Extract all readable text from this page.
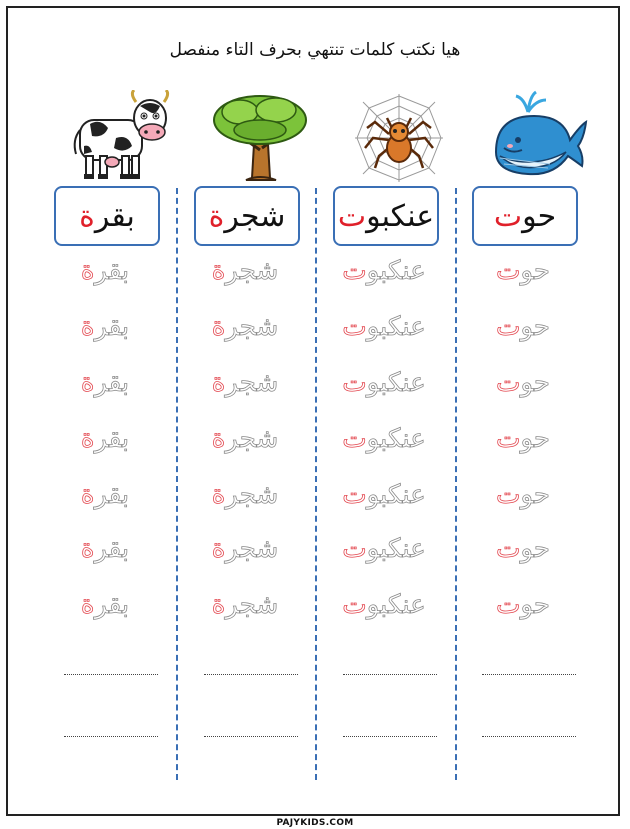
هيا نكتب كلمات تنتهي بحرف التاء منفصل
بقر
ة
بقرة
بقرة
بقرة
بقرة
بقرة
بقرة
بقرة
شجر
ة
شجرة
شجرة
شجرة
شجرة
شجرة
شجرة
شجرة
عنكبو
ت
عنكبوت
عنكبوت
عنكبوت
عنكبوت
عنكبوت
عنكبوت
عنكبوت
حو
ت
حوت
حوت
حوت
حوت
حوت
حوت
حوت
PAJYKIDS.COM
